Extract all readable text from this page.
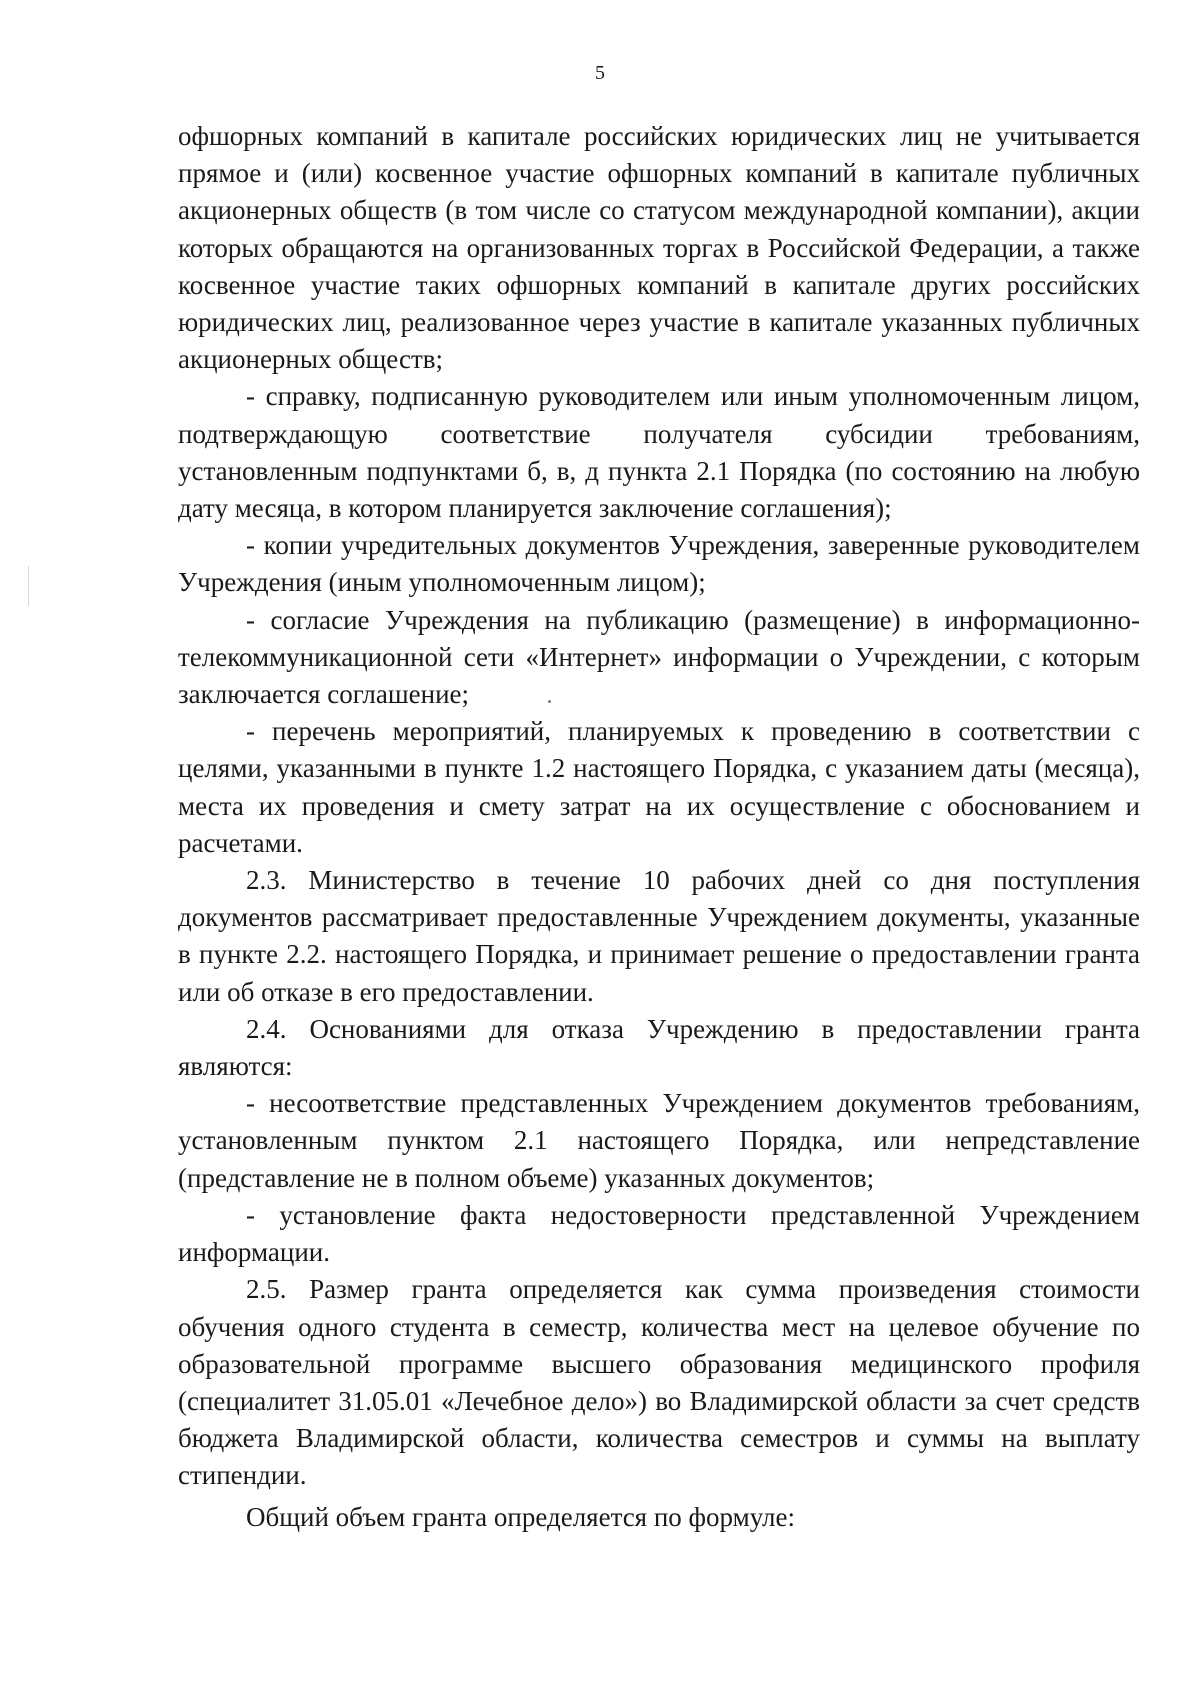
5

офшорных компаний в капитале российских юридических лиц не учитывается прямое и (или) косвенное участие офшорных компаний в капитале публичных акционерных обществ (в том числе со статусом международной компании), акции которых обращаются на организованных торгах в Российской Федерации, а также косвенное участие таких офшорных компаний в капитале других российских юридических лиц, реализованное через участие в капитале указанных публичных акционерных обществ;

- справку, подписанную руководителем или иным уполномоченным лицом, подтверждающую соответствие получателя субсидии требованиям, установленным подпунктами б, в, д пункта 2.1 Порядка (по состоянию на любую дату месяца, в котором планируется заключение соглашения);

- копии учредительных документов Учреждения, заверенные руководителем Учреждения (иным уполномоченным лицом);

- согласие Учреждения на публикацию (размещение) в информационно-телекоммуникационной сети «Интернет» информации о Учреждении, с которым заключается соглашение;

- перечень мероприятий, планируемых к проведению в соответствии с целями, указанными в пункте 1.2 настоящего Порядка, с указанием даты (месяца), места их проведения и смету затрат на их осуществление с обоснованием и расчетами.

2.3. Министерство в течение 10 рабочих дней со дня поступления документов рассматривает предоставленные Учреждением документы, указанные в пункте 2.2. настоящего Порядка, и принимает решение о предоставлении гранта или об отказе в его предоставлении.

2.4. Основаниями для отказа Учреждению в предоставлении гранта являются:

- несоответствие представленных Учреждением документов требованиям, установленным пунктом 2.1 настоящего Порядка, или непредставление (представление не в полном объеме) указанных документов;

- установление факта недостоверности представленной Учреждением информации.

2.5. Размер гранта определяется как сумма произведения стоимости обучения одного студента в семестр, количества мест на целевое обучение по образовательной программе высшего образования медицинского профиля (специалитет 31.05.01 «Лечебное дело») во Владимирской области за счет средств бюджета Владимирской области, количества семестров и суммы на выплату стипендии.

Общий объем гранта определяется по формуле:
